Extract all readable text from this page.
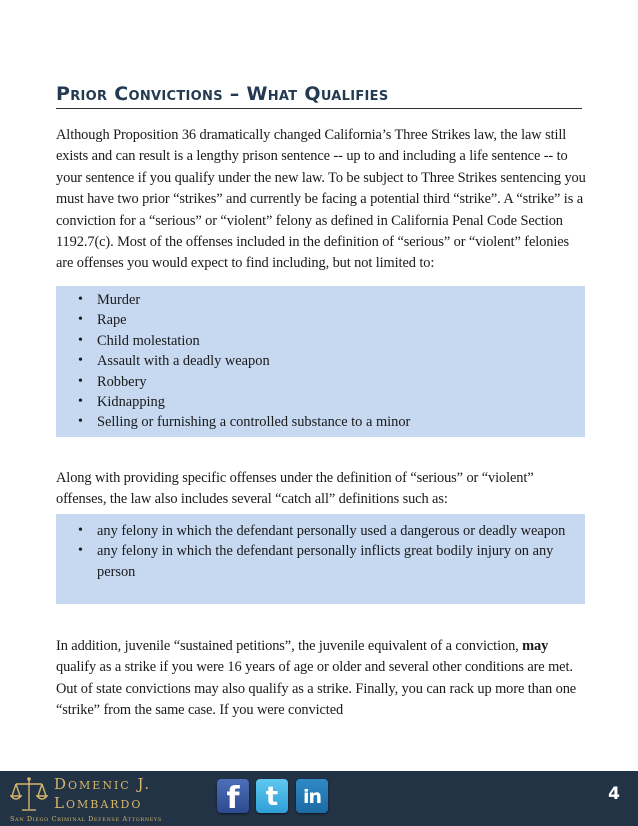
Prior Convictions – What Qualifies

Although Proposition 36 dramatically changed California’s Three Strikes law, the law still exists and can result is a lengthy prison sentence -- up to and including a life sentence -- to your sentence if you qualify under the new law. To be subject to Three Strikes sentencing you must have two prior “strikes” and currently be facing a potential third “strike”. A “strike” is a conviction for a “serious” or “violent” felony as defined in California Penal Code Section 1192.7(c). Most of the offenses included in the definition of “serious” or “violent” felonies are offenses you would expect to find including, but not limited to:

• Murder
• Rape
• Child molestation
• Assault with a deadly weapon
• Robbery
• Kidnapping
• Selling or furnishing a controlled substance to a minor

Along with providing specific offenses under the definition of “serious” or “violent” offenses, the law also includes several “catch all” definitions such as:

• any felony in which the defendant personally used a dangerous or deadly weapon
• any felony in which the defendant personally inflicts great bodily injury on any person

In addition, juvenile “sustained petitions”, the juvenile equivalent of a conviction, may qualify as a strike if you were 16 years of age or older and several other conditions are met. Out of state convictions may also qualify as a strike. Finally, you can rack up more than one “strike” from the same case. If you were convicted

Domenic J.
Lombardo
San Diego Criminal Defense Attorneys
f	t	in	4
